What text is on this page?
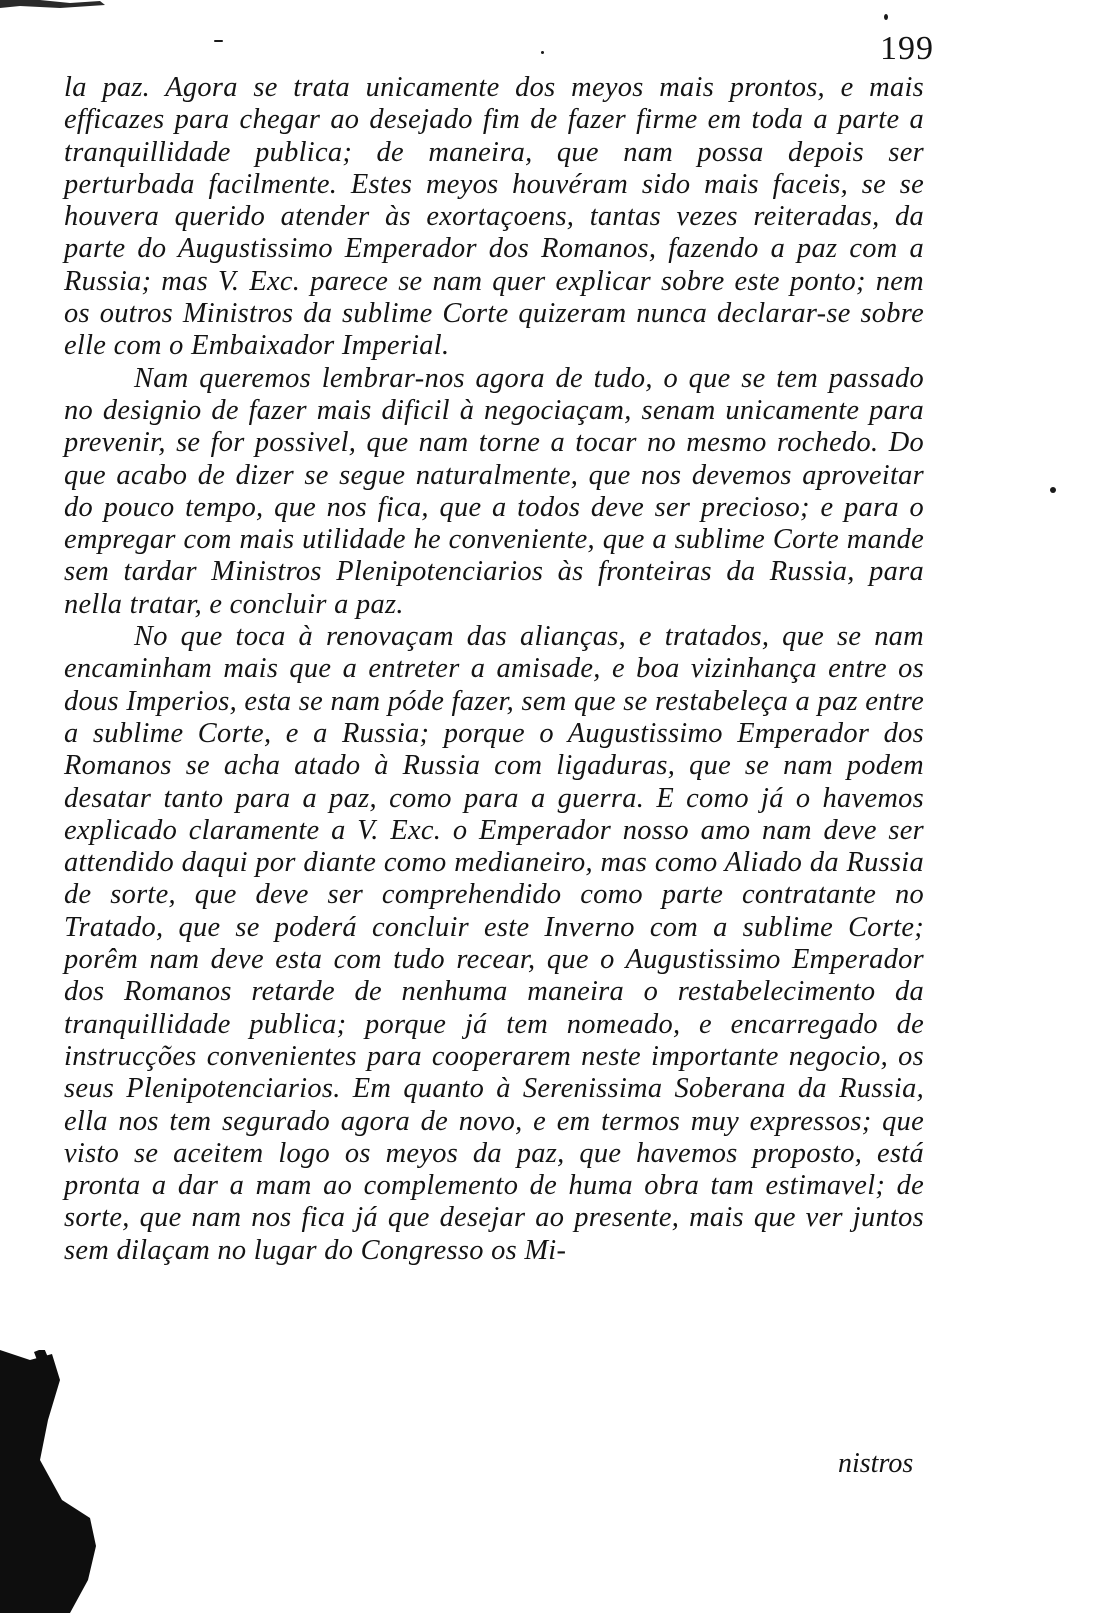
199

la paz. Agora se trata unicamente dos meyos mais prontos, e mais efficazes para chegar ao desejado fim de fazer firme em toda a parte a tranquillidade publica; de maneira, que nam possa depois ser perturbada facilmente. Estes meyos houvéram sido mais faceis, se se houvera querido atender às exortaçoens, tantas vezes reiteradas, da parte do Augustissimo Emperador dos Romanos, fazendo a paz com a Russia; mas V. Exc. parece se nam quer explicar sobre este ponto; nem os outros Ministros da sublime Corte quizeram nunca declarar-se sobre elle com o Embaixador Imperial.

Nam queremos lembrar-nos agora de tudo, o que se tem passado no designio de fazer mais dificil à negociaçam, senam unicamente para prevenir, se for possivel, que nam torne a tocar no mesmo rochedo. Do que acabo de dizer se segue naturalmente, que nos devemos aproveitar do pouco tempo, que nos fica, que a todos deve ser precioso; e para o empregar com mais utilidade he conveniente, que a sublime Corte mande sem tardar Ministros Plenipotenciarios às fronteiras da Russia, para nella tratar, e concluir a paz.

No que toca à renovaçam das alianças, e tratados, que se nam encaminham mais que a entreter a amisade, e boa vizinhança entre os dous Imperios, esta se nam póde fazer, sem que se restabeleça a paz entre a sublime Corte, e a Russia; porque o Augustissimo Emperador dos Romanos se acha atado à Russia com ligaduras, que se nam podem desatar tanto para a paz, como para a guerra. E como já o havemos explicado claramente a V. Exc. o Emperador nosso amo nam deve ser attendido daqui por diante como medianeiro, mas como Aliado da Russia de sorte, que deve ser comprehendido como parte contratante no Tratado, que se poderá concluir este Inverno com a sublime Corte; porêm nam deve esta com tudo recear, que o Augustissimo Emperador dos Romanos retarde de nenhuma maneira o restabelecimento da tranquillidade publica; porque já tem nomeado, e encarregado de instrucções convenientes para cooperarem neste importante negocio, os seus Plenipotenciarios. Em quanto à Serenissima Soberana da Russia, ella nos tem segurado agora de novo, e em termos muy expressos; que visto se aceitem logo os meyos da paz, que havemos proposto, está pronta a dar a mam ao complemento de huma obra tam estimavel; de sorte, que nam nos fica já que desejar ao presente, mais que ver juntos sem dilaçam no lugar do Congresso os Mi-

nistros
